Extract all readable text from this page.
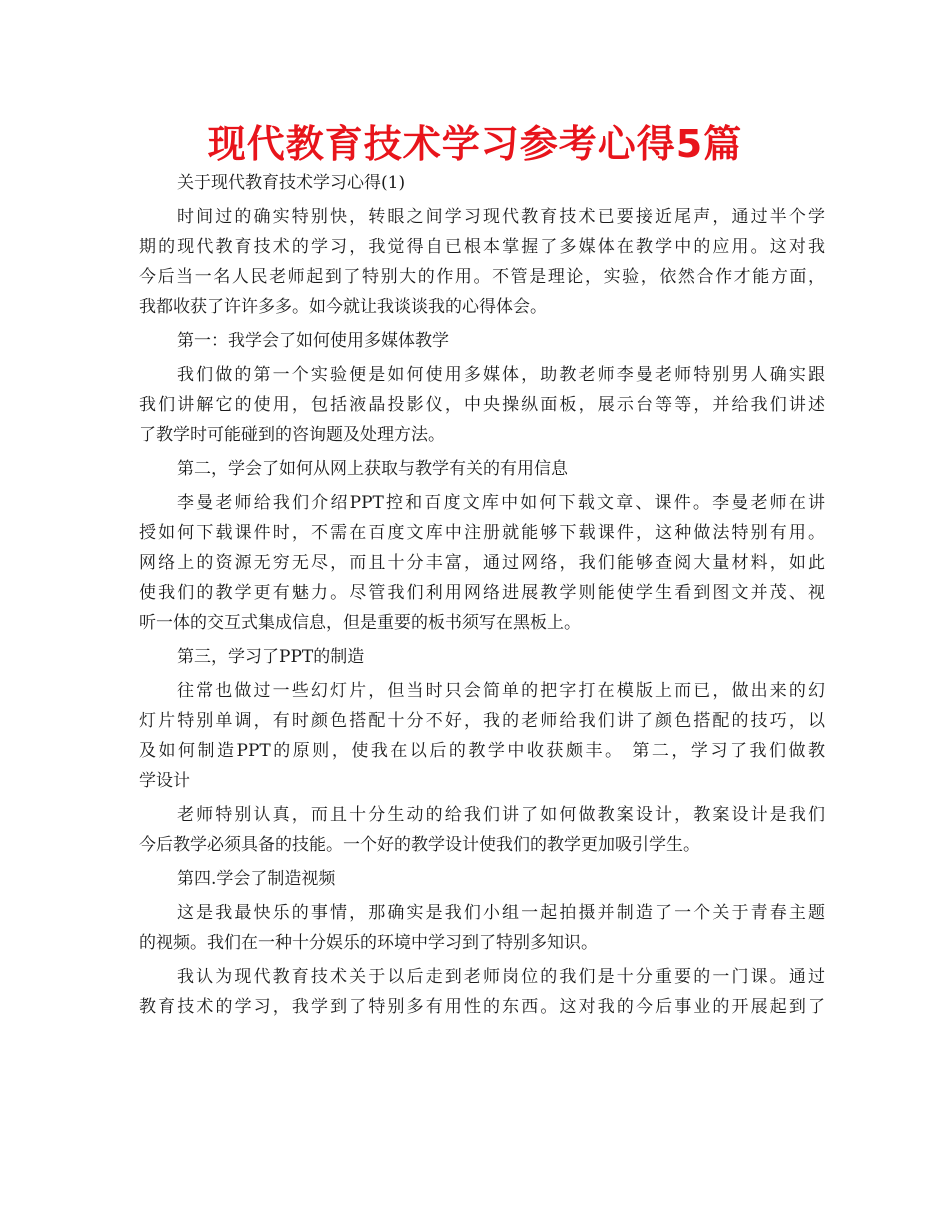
现代教育技术学习参考心得5篇
关于现代教育技术学习心得(1)
时间过的确实特别快，转眼之间学习现代教育技术已要接近尾声，通过半个学
期的现代教育技术的学习，我觉得自已根本掌握了多媒体在教学中的应用。这对我
今后当一名人民老师起到了特别大的作用。不管是理论，实验，依然合作才能方面，
我都收获了许许多多。如今就让我谈谈我的心得体会。
第一：我学会了如何使用多媒体教学
我们做的第一个实验便是如何使用多媒体，助教老师李曼老师特别男人确实跟
我们讲解它的使用，包括液晶投影仪，中央操纵面板，展示台等等，并给我们讲述
了教学时可能碰到的咨询题及处理方法。
第二，学会了如何从网上获取与教学有关的有用信息
李曼老师给我们介绍PPT控和百度文库中如何下载文章、课件。李曼老师在讲
授如何下载课件时，不需在百度文库中注册就能够下载课件，这种做法特别有用。
网络上的资源无穷无尽，而且十分丰富，通过网络，我们能够查阅大量材料，如此
使我们的教学更有魅力。尽管我们利用网络进展教学则能使学生看到图文并茂、视
听一体的交互式集成信息，但是重要的板书须写在黑板上。
第三，学习了PPT的制造
往常也做过一些幻灯片，但当时只会简单的把字打在模版上而已，做出来的幻
灯片特别单调，有时颜色搭配十分不好，我的老师给我们讲了颜色搭配的技巧，以
及如何制造PPT的原则，使我在以后的教学中收获颇丰。 第二，学习了我们做教
学设计
老师特别认真，而且十分生动的给我们讲了如何做教案设计，教案设计是我们
今后教学必须具备的技能。一个好的教学设计使我们的教学更加吸引学生。
第四.学会了制造视频
这是我最快乐的事情，那确实是我们小组一起拍摄并制造了一个关于青春主题
的视频。我们在一种十分娱乐的环境中学习到了特别多知识。
我认为现代教育技术关于以后走到老师岗位的我们是十分重要的一门课。通过
教育技术的学习，我学到了特别多有用性的东西。这对我的今后事业的开展起到了
